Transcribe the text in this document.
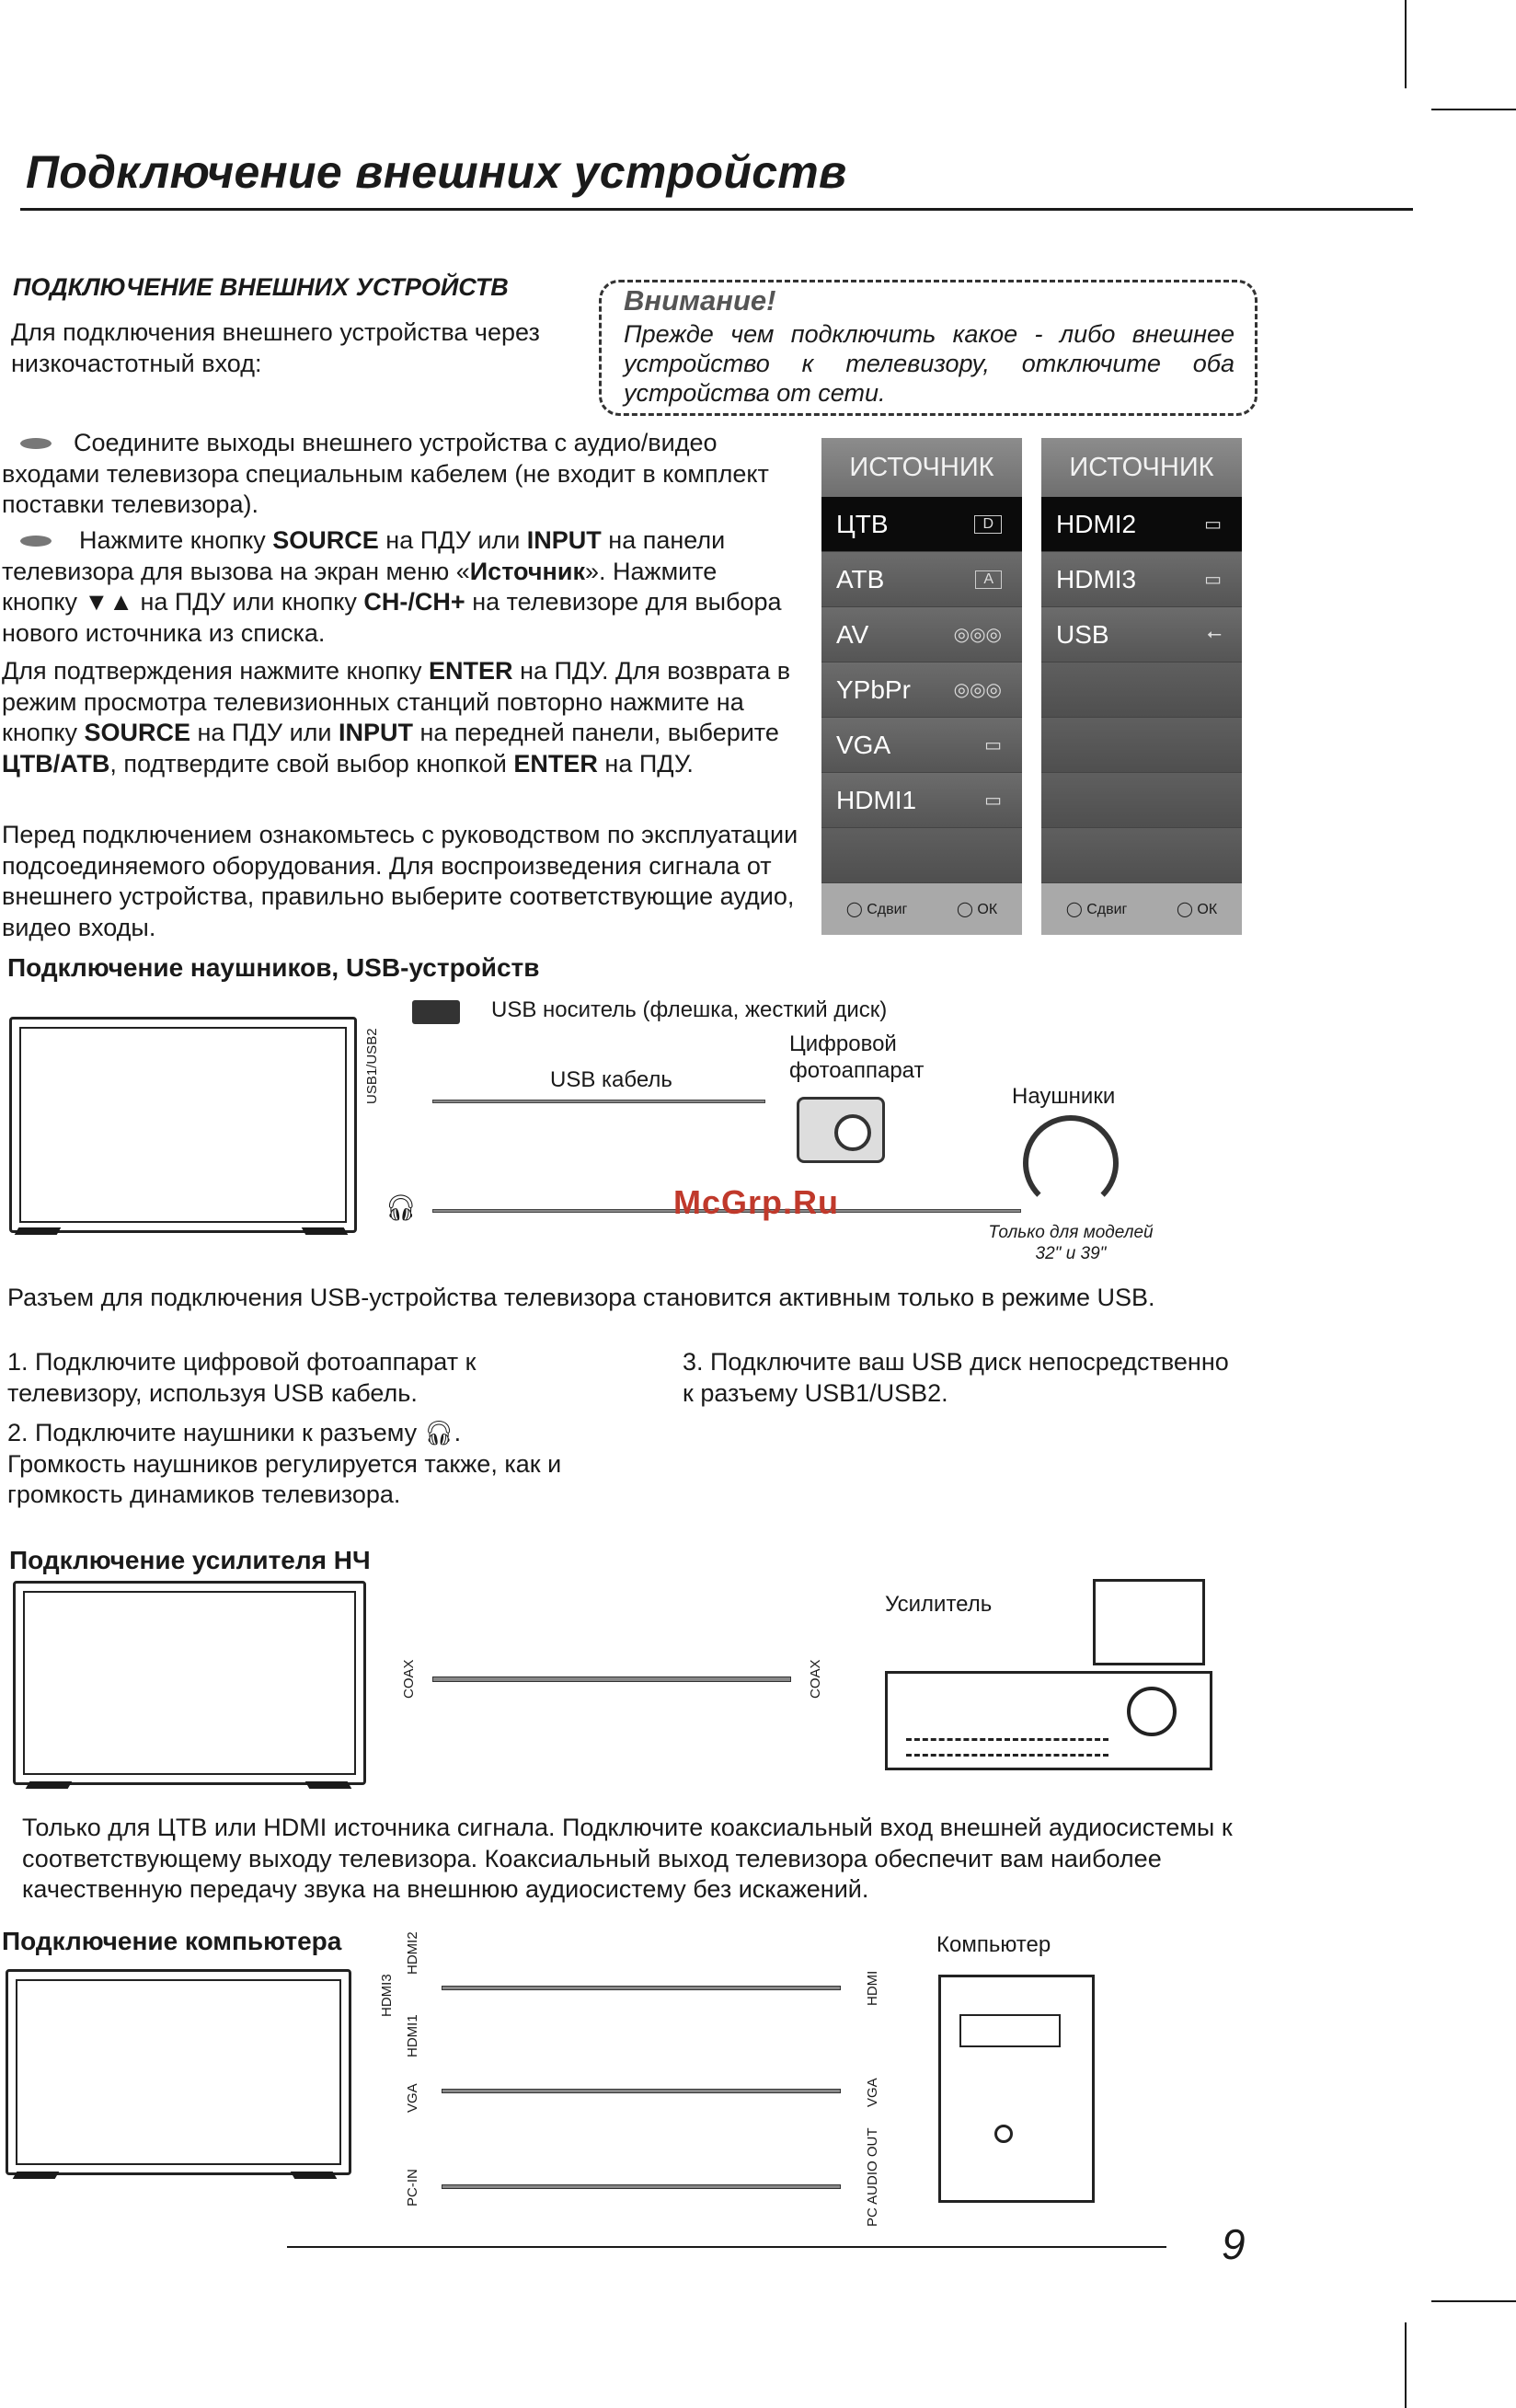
Подключение внешних устройств
ПОДКЛЮЧЕНИЕ ВНЕШНИХ УСТРОЙСТВ
Для подключения внешнего устройства через низкочастотный вход:
Внимание!
Прежде чем подключить какое - либо внешнее устройство к телевизору, отключите оба устройства от сети.
Соедините выходы внешнего устройства с аудио/видео входами телевизора специальным кабелем (не входит в комплект поставки телевизора).
Нажмите кнопку SOURCE на ПДУ или INPUT на панели телевизора для вызова на экран меню «Источник». Нажмите кнопку ▼▲ на ПДУ или кнопку CH-/CH+ на телевизоре для выбора нового источника из списка.
Для подтверждения нажмите кнопку ENTER на ПДУ. Для возврата в режим просмотра телевизионных станций повторно нажмите на кнопку SOURCE на ПДУ или INPUT на передней панели, выберите ЦТВ/АТВ, подтвердите свой выбор кнопкой ENTER на ПДУ.
Перед подключением ознакомьтесь с руководством по эксплуатации подсоединяемого оборудования. Для воспроизведения сигнала от внешнего устройства, правильно выберите соответствующие аудио, видео входы.
ИСТОЧНИК
ЦТВ	D
АТВ	A
AV	◎◎◎
YPbPr ◎◎◎
VGA	▭
HDMI1	▭
◯ Сдвиг	◯ ОК
ИСТОЧНИК
HDMI2	▭
HDMI3	▭
USB	⭠
◯ Сдвиг	◯ ОК
Подключение наушников, USB-устройств
USB1/USB2
USB носитель (флешка, жесткий диск)
USB кабель
Цифровой фотоаппарат
Наушники
🎧︎	McGrp.Ru
Только для моделей 32" и 39"
Разъем для подключения USB-устройства телевизора становится активным только в режиме USB.
1. Подключите цифровой фотоаппарат к телевизору, используя USB кабель.
2. Подключите наушники к разъему 🎧︎.
Громкость наушников регулируется также, как и громкость динамиков телевизора.
3. Подключите ваш USB диск непосредственно к разъему USB1/USB2.
Подключение усилителя НЧ
COAX	COAX
Усилитель
Только для ЦТВ или HDMI источника сигнала. Подключите коаксиальный вход внешней аудиосистемы к соответствующему выходу телевизора. Коаксиальный выход телевизора обеспечит вам наиболее качественную передачу звука на внешнюю аудиосистему без искажений.
Подключение компьютера	HDMI2
HDMI3
HDMI1
VGA
PC-IN
HDMI
VGA
PC AUDIO OUT
Компьютер
9
